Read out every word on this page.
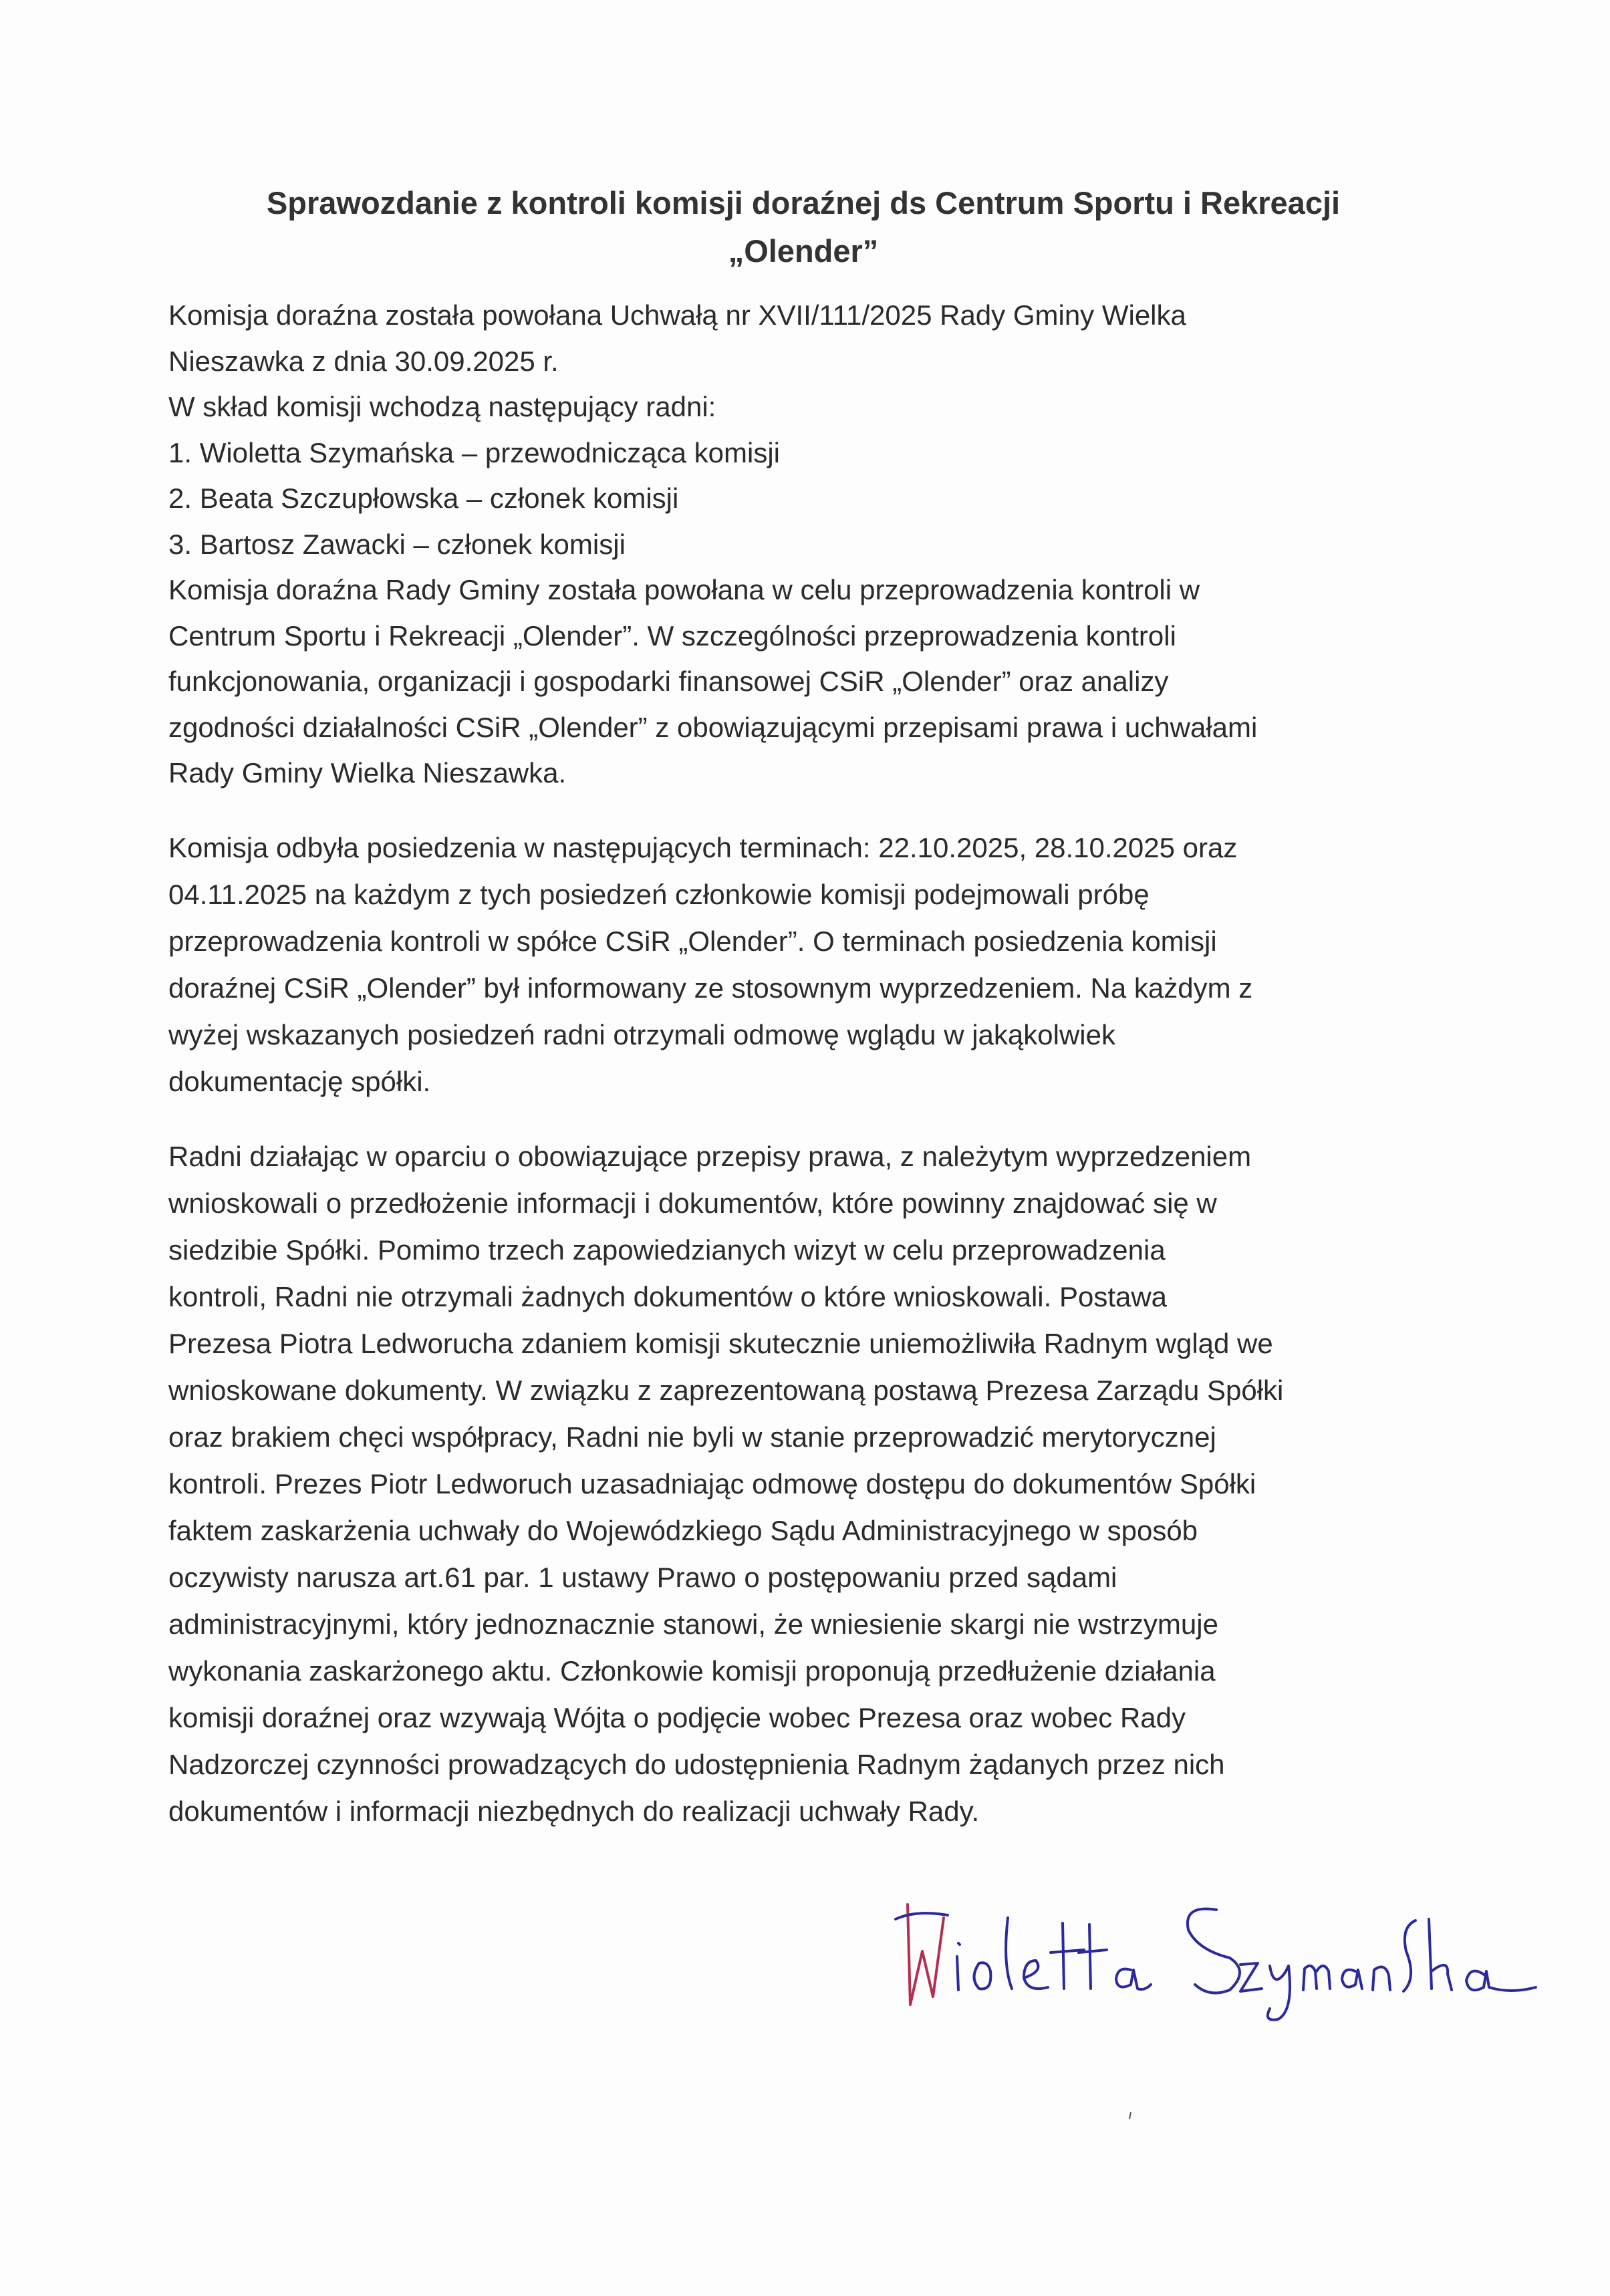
Sprawozdanie z kontroli komisji doraźnej ds Centrum Sportu i Rekreacji
„Olender”
Komisja doraźna została powołana Uchwałą nr XVII/111/2025 Rady Gminy Wielka
Nieszawka z dnia 30.09.2025 r.
W skład komisji wchodzą następujący radni:
1. Wioletta Szymańska – przewodnicząca komisji
2. Beata Szczupłowska – członek komisji
3. Bartosz Zawacki – członek komisji
Komisja doraźna Rady Gminy została powołana w celu przeprowadzenia kontroli w
Centrum Sportu i Rekreacji „Olender”. W szczególności przeprowadzenia kontroli
funkcjonowania, organizacji i gospodarki finansowej CSiR „Olender” oraz analizy
zgodności działalności CSiR „Olender” z obowiązującymi przepisami prawa i uchwałami
Rady Gminy Wielka Nieszawka.
Komisja odbyła posiedzenia w następujących terminach: 22.10.2025, 28.10.2025 oraz
04.11.2025 na każdym z tych posiedzeń członkowie komisji podejmowali próbę
przeprowadzenia kontroli w spółce CSiR „Olender”. O terminach posiedzenia komisji
doraźnej CSiR „Olender” był informowany ze stosownym wyprzedzeniem. Na każdym z
wyżej wskazanych posiedzeń radni otrzymali odmowę wglądu w jakąkolwiek
dokumentację spółki.
Radni działając w oparciu o obowiązujące przepisy prawa, z należytym wyprzedzeniem
wnioskowali o przedłożenie informacji i dokumentów, które powinny znajdować się w
siedzibie Spółki. Pomimo trzech zapowiedzianych wizyt w celu przeprowadzenia
kontroli, Radni nie otrzymali żadnych dokumentów o które wnioskowali. Postawa
Prezesa Piotra Ledworucha zdaniem komisji skutecznie uniemożliwiła Radnym wgląd we
wnioskowane dokumenty. W związku z zaprezentowaną postawą Prezesa Zarządu Spółki
oraz brakiem chęci współpracy, Radni nie byli w stanie przeprowadzić merytorycznej
kontroli. Prezes Piotr Ledworuch uzasadniając odmowę dostępu do dokumentów Spółki
faktem zaskarżenia uchwały do Wojewódzkiego Sądu Administracyjnego w sposób
oczywisty narusza art.61 par. 1 ustawy Prawo o postępowaniu przed sądami
administracyjnymi, który jednoznacznie stanowi, że wniesienie skargi nie wstrzymuje
wykonania zaskarżonego aktu. Członkowie komisji proponują przedłużenie działania
komisji doraźnej oraz wzywają Wójta o podjęcie wobec Prezesa oraz wobec Rady
Nadzorczej czynności prowadzących do udostępnienia Radnym żądanych przez nich
dokumentów i informacji niezbędnych do realizacji uchwały Rady.
